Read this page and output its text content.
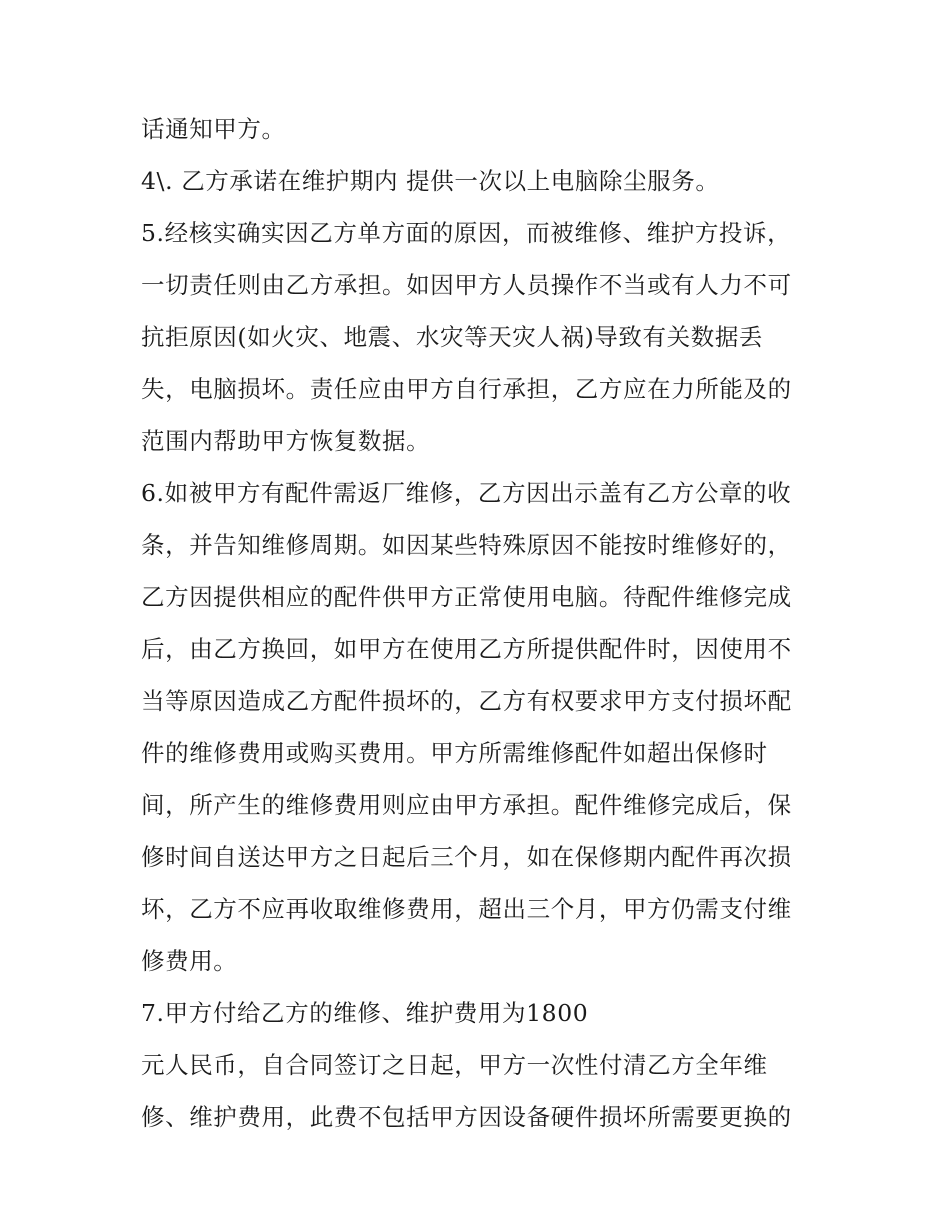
话通知甲方。
4\. 乙方承诺在维护期内 提供一次以上电脑除尘服务。
5.经核实确实因乙方单方面的原因，而被维修、维护方投诉，
一切责任则由乙方承担。如因甲方人员操作不当或有人力不可
抗拒原因(如火灾、地震、水灾等天灾人祸)导致有关数据丢
失，电脑损坏。责任应由甲方自行承担，乙方应在力所能及的
范围内帮助甲方恢复数据。
6.如被甲方有配件需返厂维修，乙方因出示盖有乙方公章的收
条，并告知维修周期。如因某些特殊原因不能按时维修好的，
乙方因提供相应的配件供甲方正常使用电脑。待配件维修完成
后，由乙方换回，如甲方在使用乙方所提供配件时，因使用不
当等原因造成乙方配件损坏的，乙方有权要求甲方支付损坏配
件的维修费用或购买费用。甲方所需维修配件如超出保修时
间，所产生的维修费用则应由甲方承担。配件维修完成后，保
修时间自送达甲方之日起后三个月，如在保修期内配件再次损
坏，乙方不应再收取维修费用，超出三个月，甲方仍需支付维
修费用。
7.甲方付给乙方的维修、维护费用为1800
元人民币，自合同签订之日起，甲方一次性付清乙方全年维
修、维护费用，此费不包括甲方因设备硬件损坏所需要更换的
